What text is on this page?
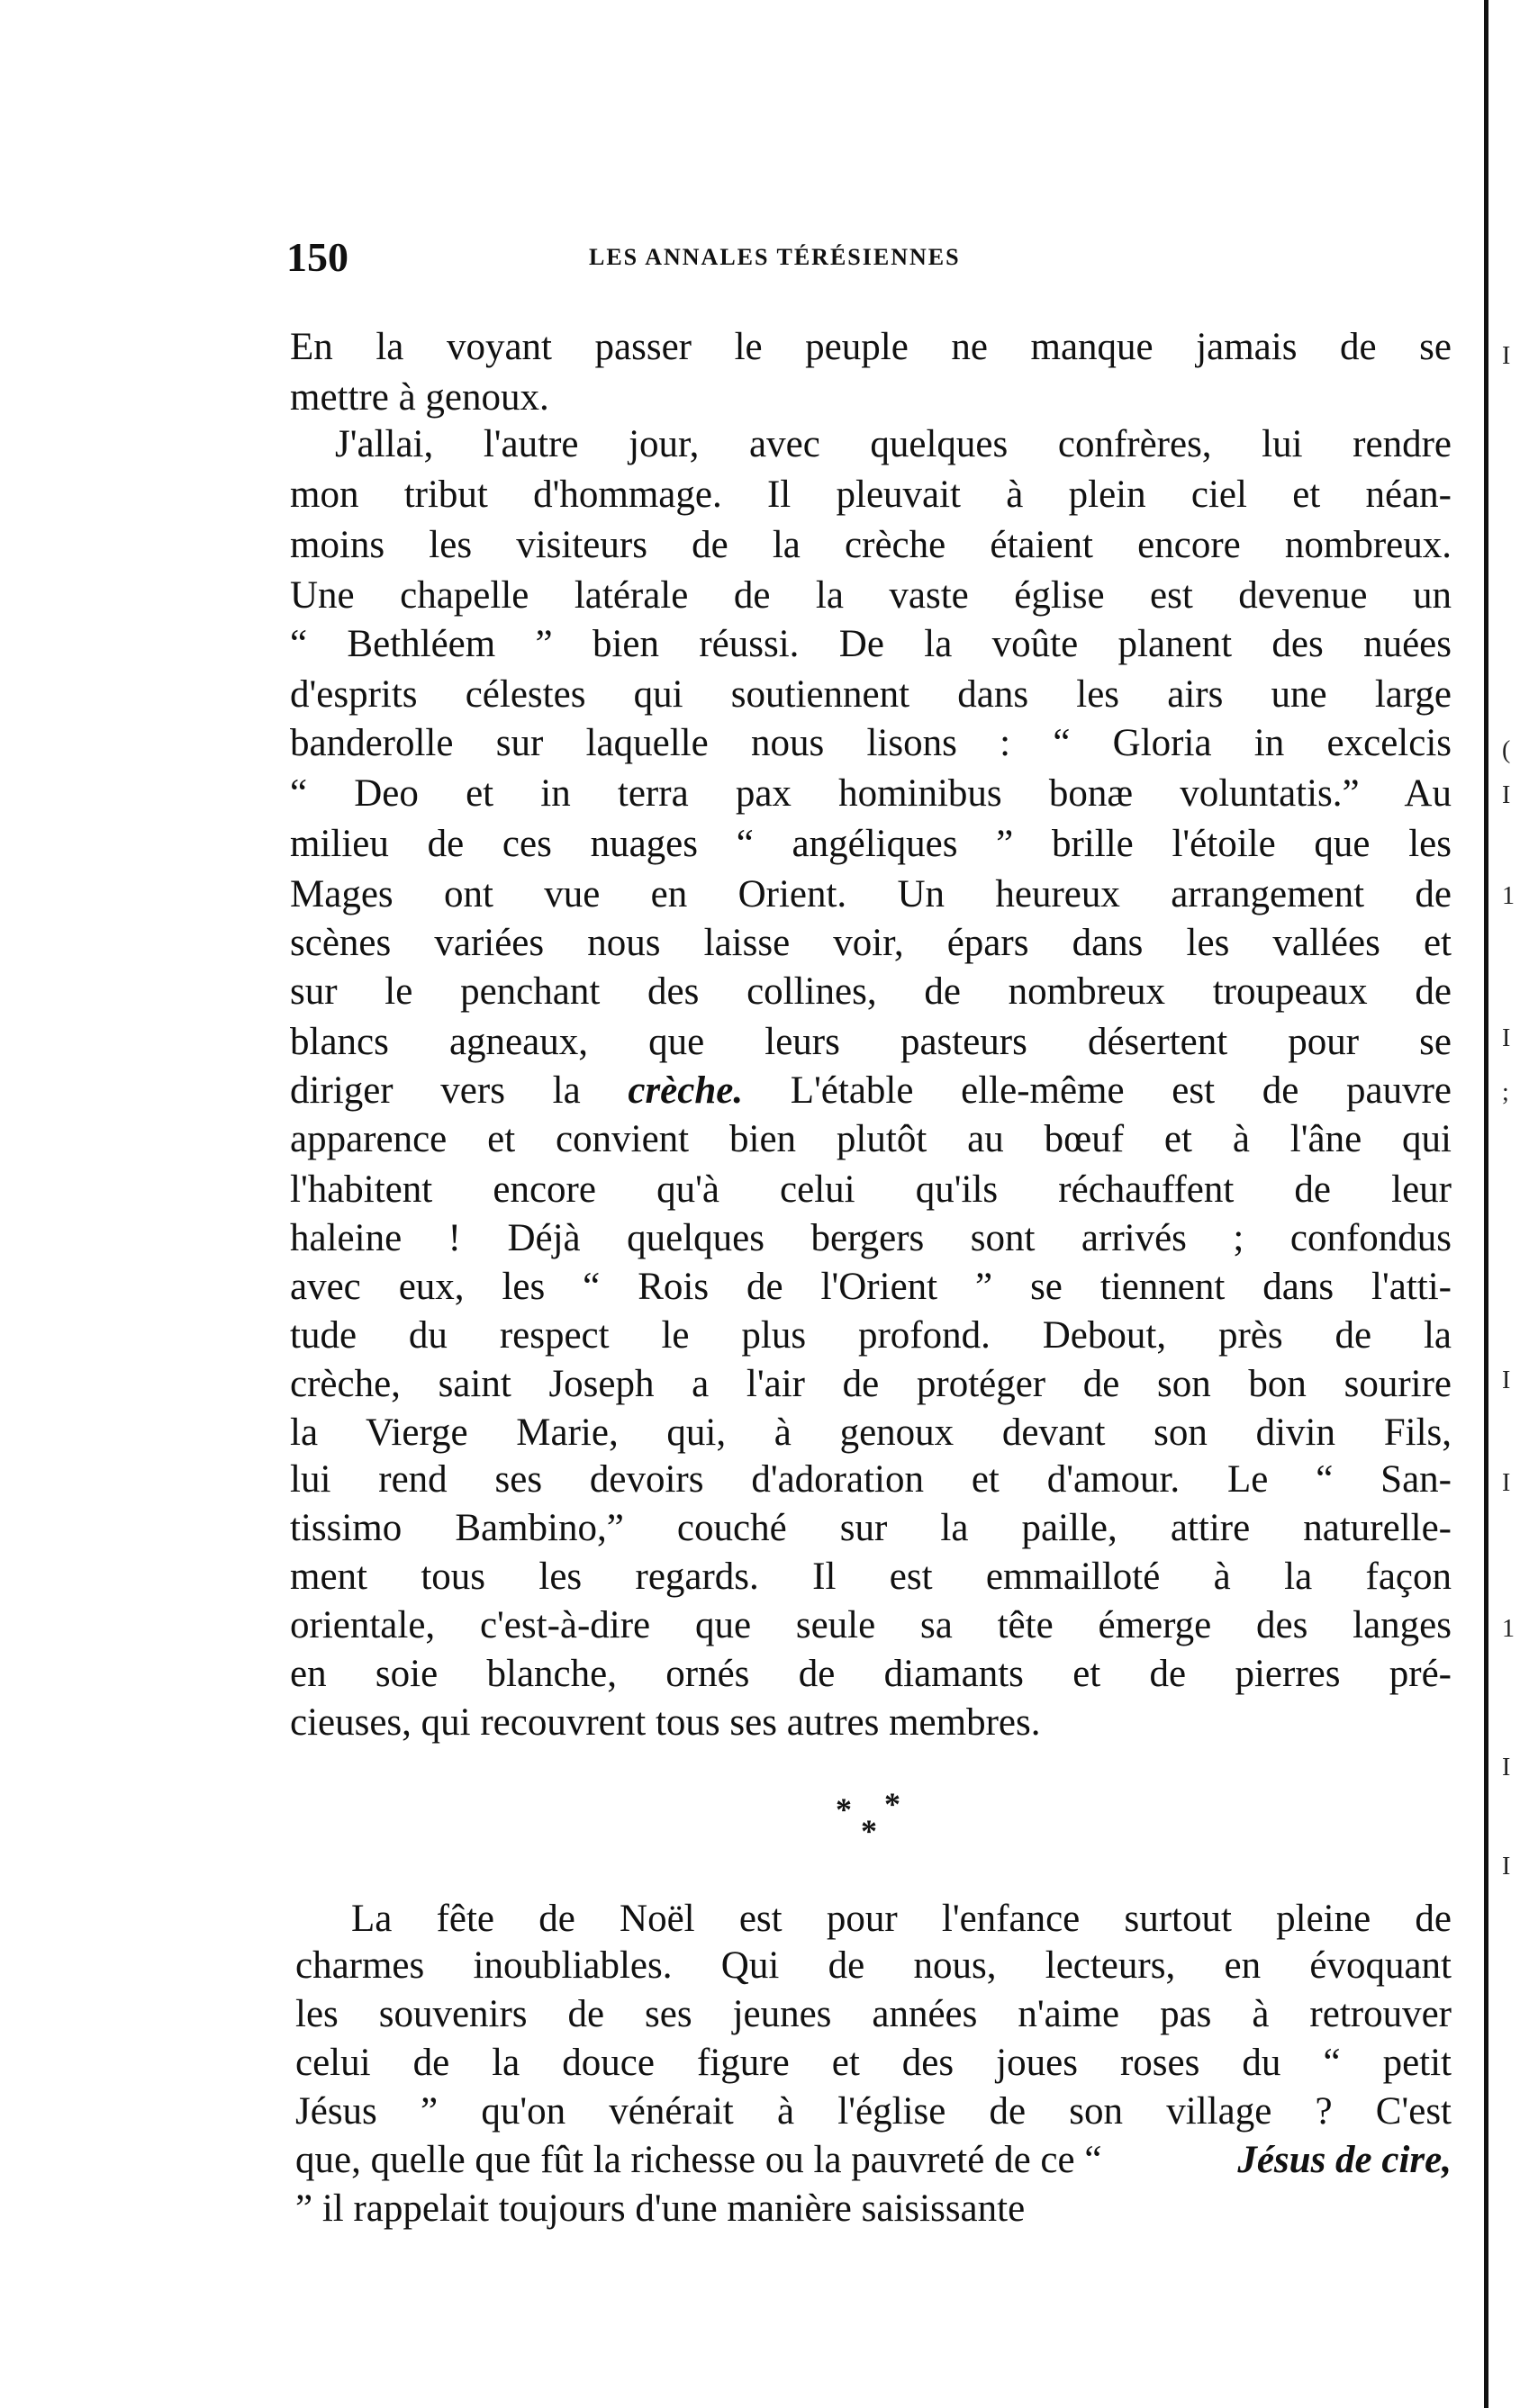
150	LES ANNALES TÉRÉSIENNES
En la voyant passer le peuple ne manque jamais de se
mettre à genoux.
J'allai, l'autre jour, avec quelques confrères, lui rendre
mon tribut d'hommage. Il pleuvait à plein ciel et néan-
moins les visiteurs de la crèche étaient encore nombreux.
Une chapelle latérale de la vaste église est devenue un
“ Bethléem ” bien réussi. De la voûte planent des nuées
d'esprits célestes qui soutiennent dans les airs une large
banderolle sur laquelle nous lisons : “ Gloria in excelcis
“ Deo et in terra pax hominibus bonæ voluntatis.” Au
milieu de ces nuages “ angéliques ” brille l'étoile que les
Mages ont vue en Orient. Un heureux arrangement de
scènes variées nous laisse voir, épars dans les vallées et
sur le penchant des collines, de nombreux troupeaux de
blancs agneaux, que leurs pasteurs désertent pour se
diriger vers la crèche. L'étable elle-même est de pauvre
apparence et convient bien plutôt au bœuf et à l'âne qui
l'habitent encore qu'à celui qu'ils réchauffent de leur
haleine ! Déjà quelques bergers sont arrivés ; confondus
avec eux, les “ Rois de l'Orient ” se tiennent dans l'atti-
tude du respect le plus profond. Debout, près de la
crèche, saint Joseph a l'air de protéger de son bon sourire
la Vierge Marie, qui, à genoux devant son divin Fils,
lui rend ses devoirs d'adoration et d'amour. Le “ San-
tissimo Bambino,” couché sur la paille, attire naturelle-
ment tous les regards. Il est emmailloté à la façon
orientale, c'est-à-dire que seule sa tête émerge des langes
en soie blanche, ornés de diamants et de pierres pré-
cieuses, qui recouvrent tous ses autres membres.
* *
*
La fête de Noël est pour l'enfance surtout pleine de
charmes inoubliables. Qui de nous, lecteurs, en évoquant
les souvenirs de ses jeunes années n'aime pas à retrouver
celui de la douce figure et des joues roses du “ petit
Jésus ” qu'on vénérait à l'église de son village ? C'est
que, quelle que fût la richesse ou la pauvreté de ce “	Jésus de cire,
” il rappelait toujours d'une manière saisissante
I
(
I
1
I
;
I
I
1
I
I
